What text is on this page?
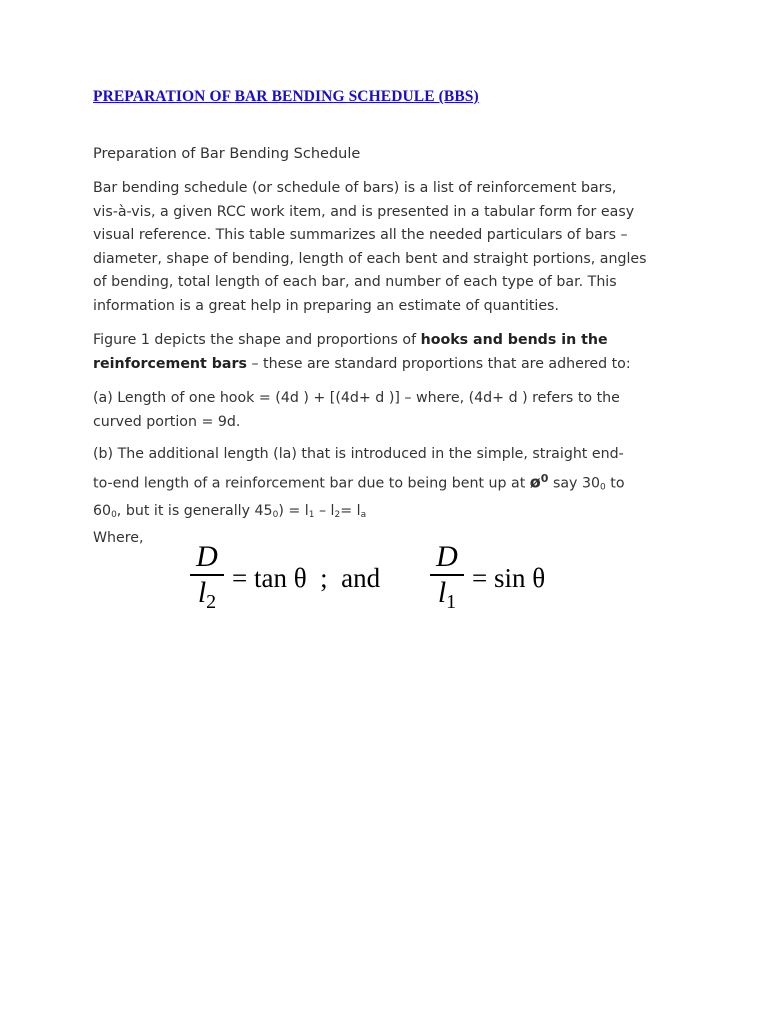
PREPARATION OF BAR BENDING SCHEDULE (BBS)
Preparation of Bar Bending Schedule
Bar bending schedule (or schedule of bars) is a list of reinforcement bars,
vis-à-vis, a given RCC work item, and is presented in a tabular form for easy
visual reference. This table summarizes all the needed particulars of bars –
diameter, shape of bending, length of each bent and straight portions, angles
of bending, total length of each bar, and number of each type of bar. This
information is a great help in preparing an estimate of quantities.
Figure 1 depicts the shape and proportions of hooks and bends in the
reinforcement bars – these are standard proportions that are adhered to:
(a) Length of one hook = (4d ) + [(4d+ d )] – where, (4d+ d ) refers to the
curved portion = 9d.
(b) The additional length (la) that is introduced in the simple, straight end-
to-end length of a reinforcement bar due to being bent up at $ø^0$ say $30_0$ to
$60_0$, but it is generally $45_0) = l_1 - l_2= l_a$
Where,
D
$l_2$
= tan θ  ;  and
D
$l_1$
= sin θ
